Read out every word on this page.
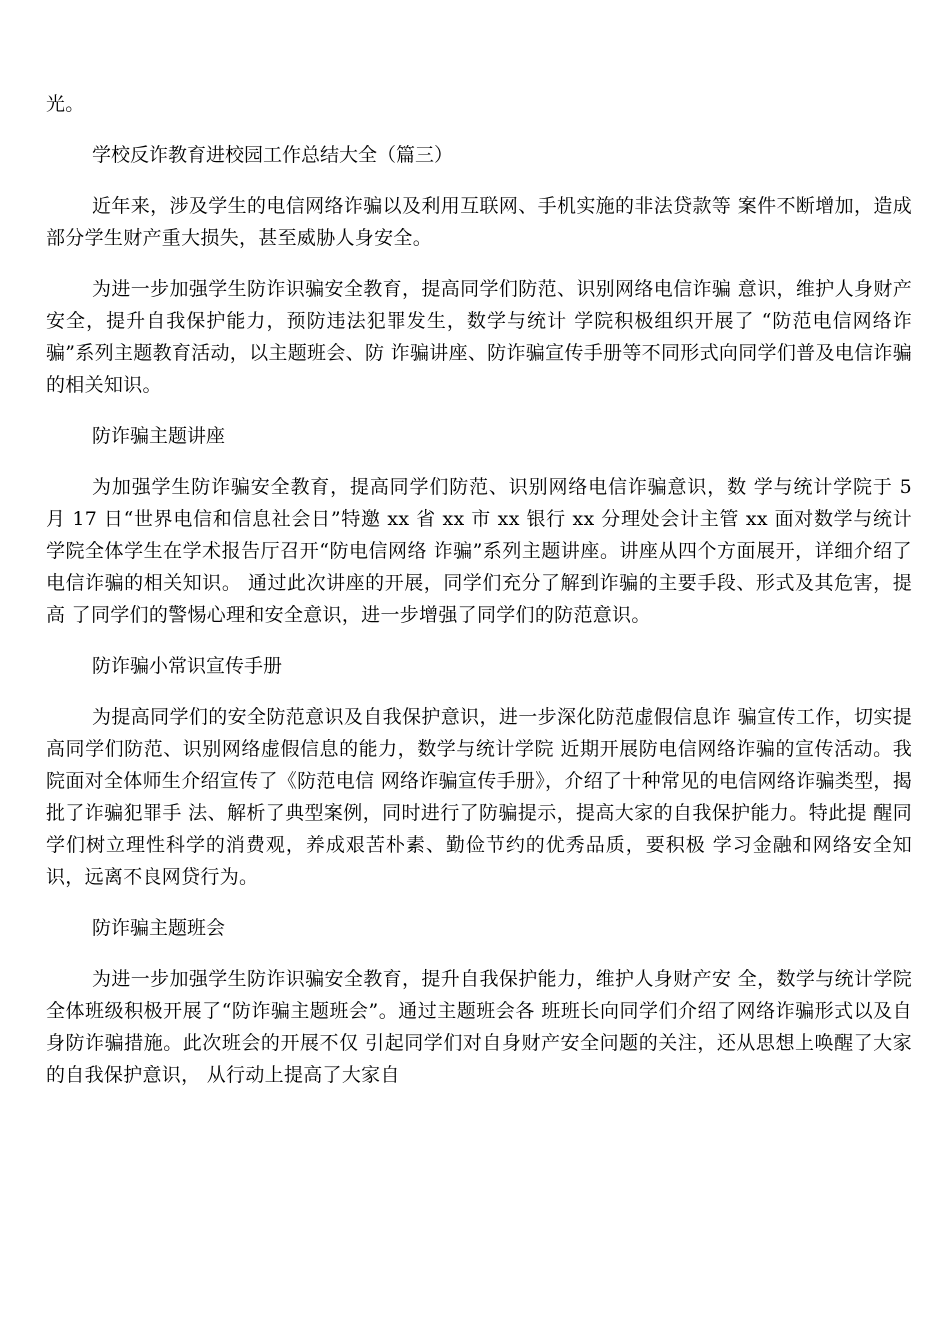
光。

学校反诈教育进校园工作总结大全（篇三）

近年来，涉及学生的电信网络诈骗以及利用互联网、手机实施的非法贷款等 案件不断增加，造成部分学生财产重大损失，甚至威胁人身安全。

为进一步加强学生防诈识骗安全教育，提高同学们防范、识别网络电信诈骗 意识，维护人身财产安全，提升自我保护能力，预防违法犯罪发生，数学与统计 学院积极组织开展了 “防范电信网络诈骗”系列主题教育活动，以主题班会、防 诈骗讲座、防诈骗宣传手册等不同形式向同学们普及电信诈骗的相关知识。

防诈骗主题讲座

为加强学生防诈骗安全教育，提高同学们防范、识别网络电信诈骗意识，数 学与统计学院于 5 月 17 日“世界电信和信息社会日”特邀 xx 省 xx 市 xx 银行 xx 分理处会计主管 xx 面对数学与统计学院全体学生在学术报告厅召开“防电信网络 诈骗”系列主题讲座。讲座从四个方面展开，详细介绍了电信诈骗的相关知识。 通过此次讲座的开展，同学们充分了解到诈骗的主要手段、形式及其危害，提高 了同学们的警惕心理和安全意识，进一步增强了同学们的防范意识。

防诈骗小常识宣传手册

为提高同学们的安全防范意识及自我保护意识，进一步深化防范虚假信息诈 骗宣传工作，切实提高同学们防范、识别网络虚假信息的能力，数学与统计学院 近期开展防电信网络诈骗的宣传活动。我院面对全体师生介绍宣传了《防范电信 网络诈骗宣传手册》，介绍了十种常见的电信网络诈骗类型，揭批了诈骗犯罪手 法、解析了典型案例，同时进行了防骗提示，提高大家的自我保护能力。特此提 醒同学们树立理性科学的消费观，养成艰苦朴素、勤俭节约的优秀品质，要积极 学习金融和网络安全知识，远离不良网贷行为。

防诈骗主题班会

为进一步加强学生防诈识骗安全教育，提升自我保护能力，维护人身财产安 全，数学与统计学院全体班级积极开展了“防诈骗主题班会”。通过主题班会各 班班长向同学们介绍了网络诈骗形式以及自身防诈骗措施。此次班会的开展不仅 引起同学们对自身财产安全问题的关注，还从思想上唤醒了大家的自我保护意识， 从行动上提高了大家自
